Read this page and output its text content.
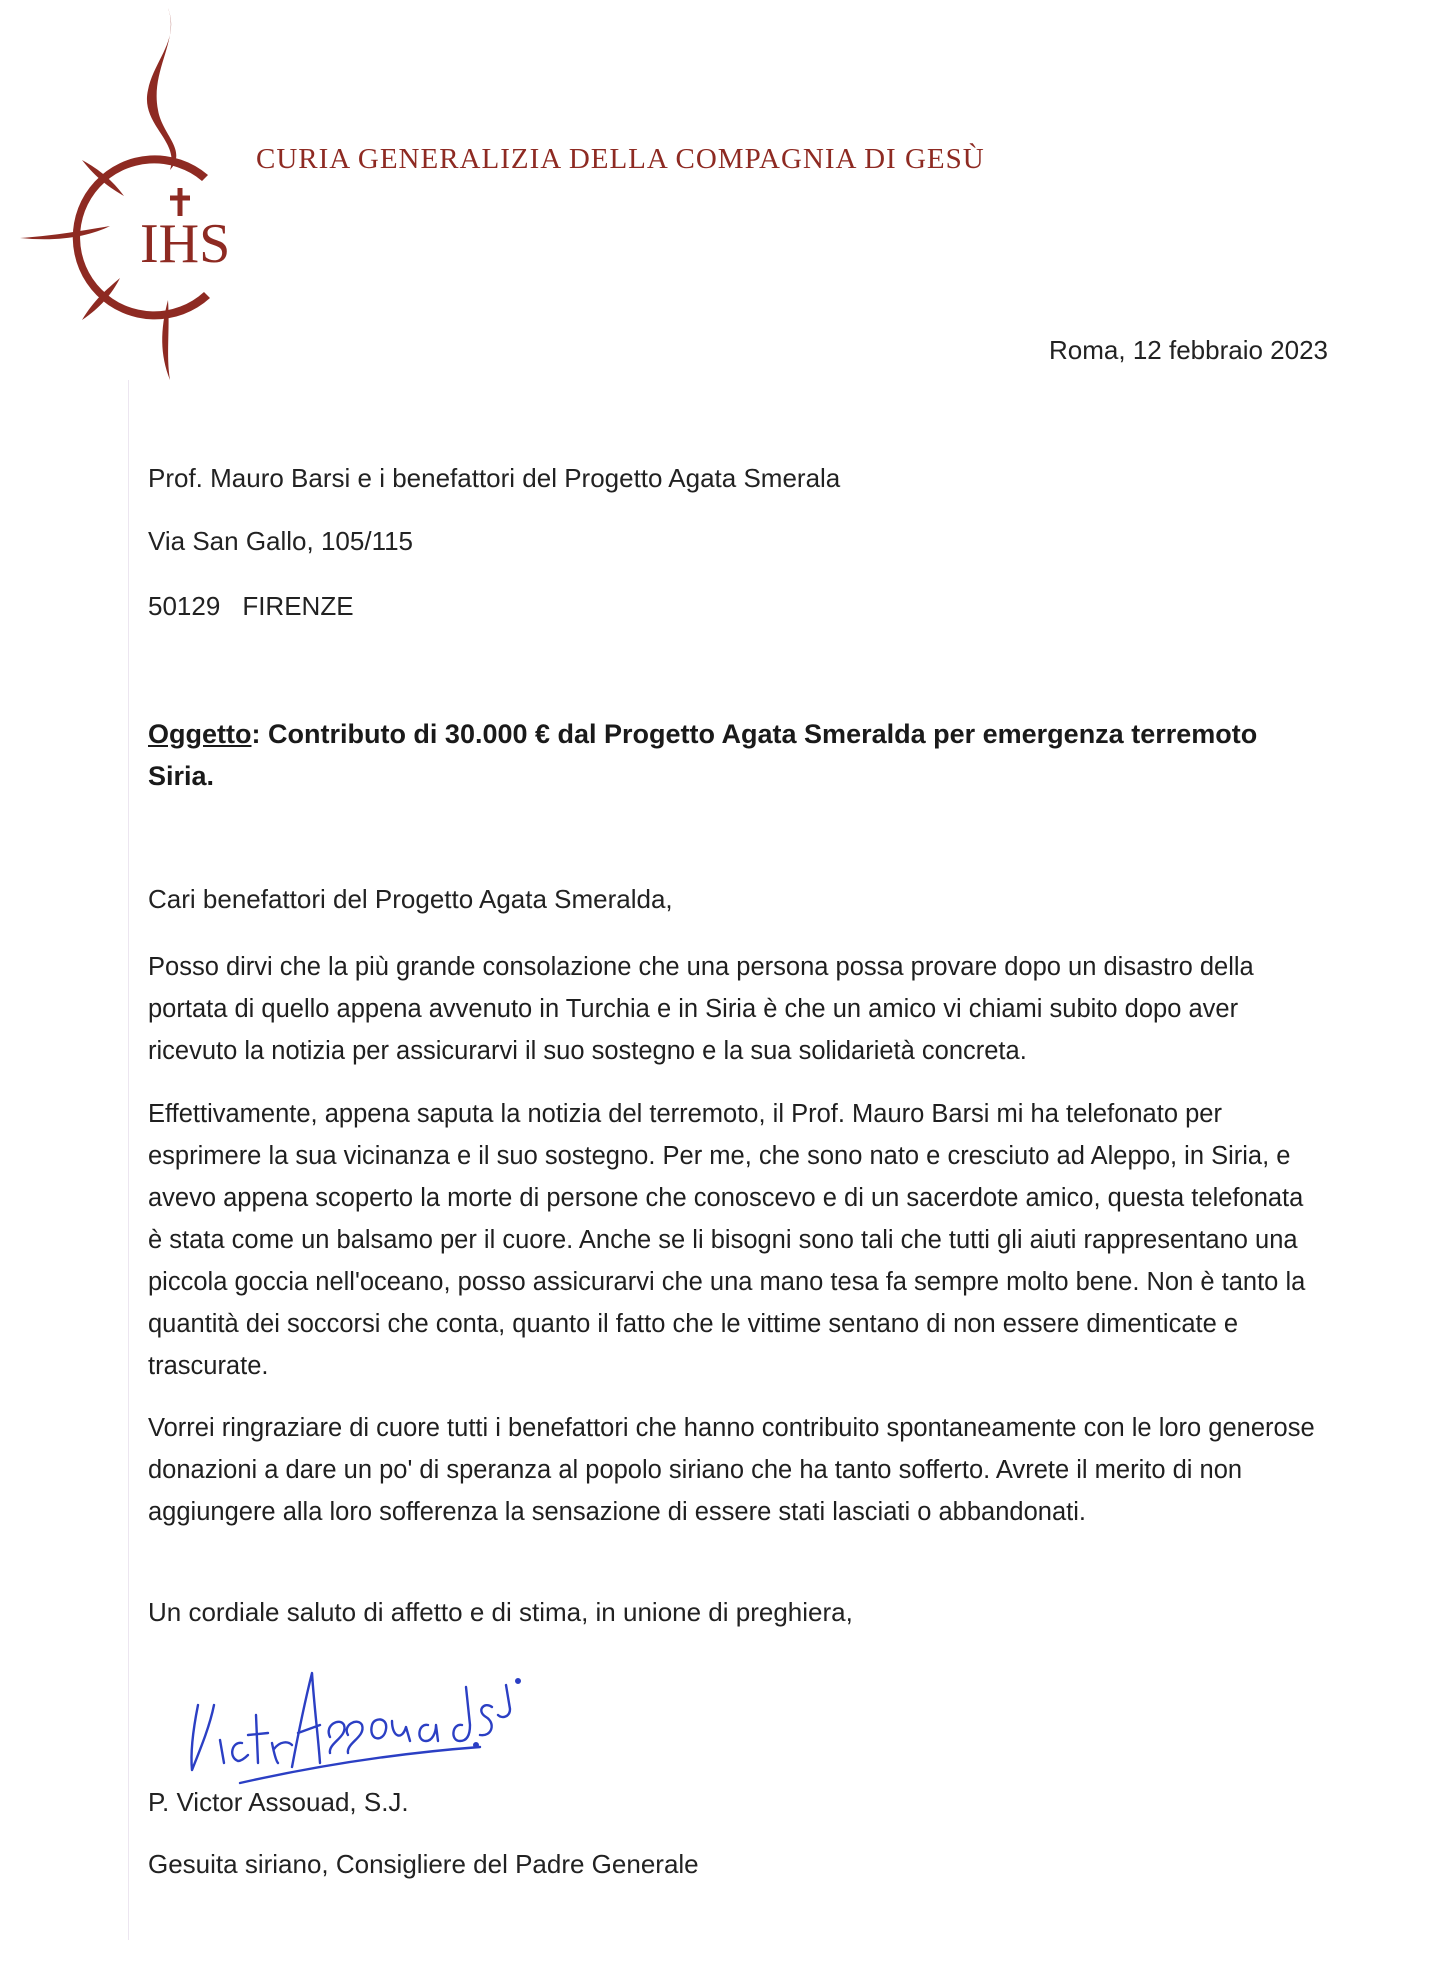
IHS
CURIA GENERALIZIA DELLA COMPAGNIA DI GESÙ
Roma, 12 febbraio 2023
Prof. Mauro Barsi e i benefattori del Progetto Agata Smerala
Via San Gallo, 105/115
50129 FIRENZE
Oggetto: Contributo di 30.000 € dal Progetto Agata Smeralda per emergenza terremoto Siria.
Cari benefattori del Progetto Agata Smeralda,
Posso dirvi che la più grande consolazione che una persona possa provare dopo un disastro della portata di quello appena avvenuto in Turchia e in Siria è che un amico vi chiami subito dopo aver ricevuto la notizia per assicurarvi il suo sostegno e la sua solidarietà concreta.
Effettivamente, appena saputa la notizia del terremoto, il Prof. Mauro Barsi mi ha telefonato per esprimere la sua vicinanza e il suo sostegno. Per me, che sono nato e cresciuto ad Aleppo, in Siria, e avevo appena scoperto la morte di persone che conoscevo e di un sacerdote amico, questa telefonata è stata come un balsamo per il cuore. Anche se li bisogni sono tali che tutti gli aiuti rappresentano una piccola goccia nell'oceano, posso assicurarvi che una mano tesa fa sempre molto bene. Non è tanto la quantità dei soccorsi che conta, quanto il fatto che le vittime sentano di non essere dimenticate e trascurate.
Vorrei ringraziare di cuore tutti i benefattori che hanno contribuito spontaneamente con le loro generose donazioni a dare un po' di speranza al popolo siriano che ha tanto sofferto. Avrete il merito di non aggiungere alla loro sofferenza la sensazione di essere stati lasciati o abbandonati.
Un cordiale saluto di affetto e di stima, in unione di preghiera,
P. Victor Assouad, S.J.
Gesuita siriano, Consigliere del Padre Generale
